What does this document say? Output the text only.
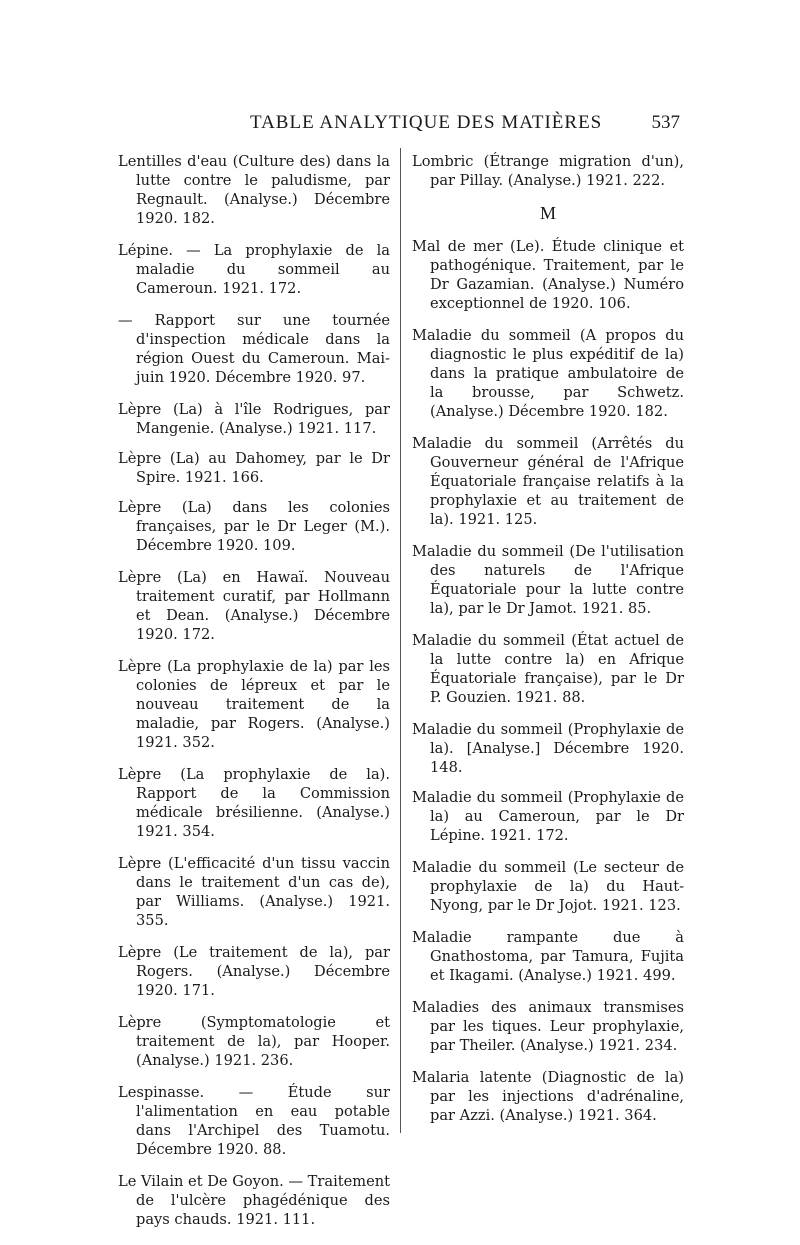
TABLE ANALYTIQUE DES MATIÈRES	537

Lentilles d'eau (Culture des) dans la lutte contre le paludisme, par Regnault. (Analyse.) Décembre 1920. 182.

Lépine. — La prophylaxie de la maladie du sommeil au Cameroun. 1921. 172.

— Rapport sur une tournée d'inspection médicale dans la région Ouest du Cameroun. Mai-juin 1920. Décembre 1920. 97.

Lèpre (La) à l'île Rodrigues, par Mangenie. (Analyse.) 1921. 117.

Lèpre (La) au Dahomey, par le Dr Spire. 1921. 166.

Lèpre (La) dans les colonies françaises, par le Dr Leger (M.). Décembre 1920. 109.

Lèpre (La) en Hawaï. Nouveau traitement curatif, par Hollmann et Dean. (Analyse.) Décembre 1920. 172.

Lèpre (La prophylaxie de la) par les colonies de lépreux et par le nouveau traitement de la maladie, par Rogers. (Analyse.) 1921. 352.

Lèpre (La prophylaxie de la). Rapport de la Commission médicale brésilienne. (Analyse.) 1921. 354.

Lèpre (L'efficacité d'un tissu vaccin dans le traitement d'un cas de), par Williams. (Analyse.) 1921. 355.

Lèpre (Le traitement de la), par Rogers. (Analyse.) Décembre 1920. 171.

Lèpre (Symptomatologie et traitement de la), par Hooper. (Analyse.) 1921. 236.

Lespinasse. — Étude sur l'alimentation en eau potable dans l'Archipel des Tuamotu. Décembre 1920. 88.

Le Vilain et De Goyon. — Traitement de l'ulcère phagédénique des pays chauds. 1921. 111.

Lombric (Étrange migration d'un), par Pillay. (Analyse.) 1921. 222.

M

Mal de mer (Le). Étude clinique et pathogénique. Traitement, par le Dr Gazamian. (Analyse.) Numéro exceptionnel de 1920. 106.

Maladie du sommeil (A propos du diagnostic le plus expéditif de la) dans la pratique ambulatoire de la brousse, par Schwetz. (Analyse.) Décembre 1920. 182.

Maladie du sommeil (Arrêtés du Gouverneur général de l'Afrique Équatoriale française relatifs à la prophylaxie et au traitement de la). 1921. 125.

Maladie du sommeil (De l'utilisation des naturels de l'Afrique Équatoriale pour la lutte contre la), par le Dr Jamot. 1921. 85.

Maladie du sommeil (État actuel de la lutte contre la) en Afrique Équatoriale française), par le Dr P. Gouzien. 1921. 88.

Maladie du sommeil (Prophylaxie de la). [Analyse.] Décembre 1920. 148.

Maladie du sommeil (Prophylaxie de la) au Cameroun, par le Dr Lépine. 1921. 172.

Maladie du sommeil (Le secteur de prophylaxie de la) du Haut-Nyong, par le Dr Jojot. 1921. 123.

Maladie rampante due à Gnathostoma, par Tamura, Fujita et Ikagami. (Analyse.) 1921. 499.

Maladies des animaux transmises par les tiques. Leur prophylaxie, par Theiler. (Analyse.) 1921. 234.

Malaria latente (Diagnostic de la) par les injections d'adrénaline, par Azzi. (Analyse.) 1921. 364.
